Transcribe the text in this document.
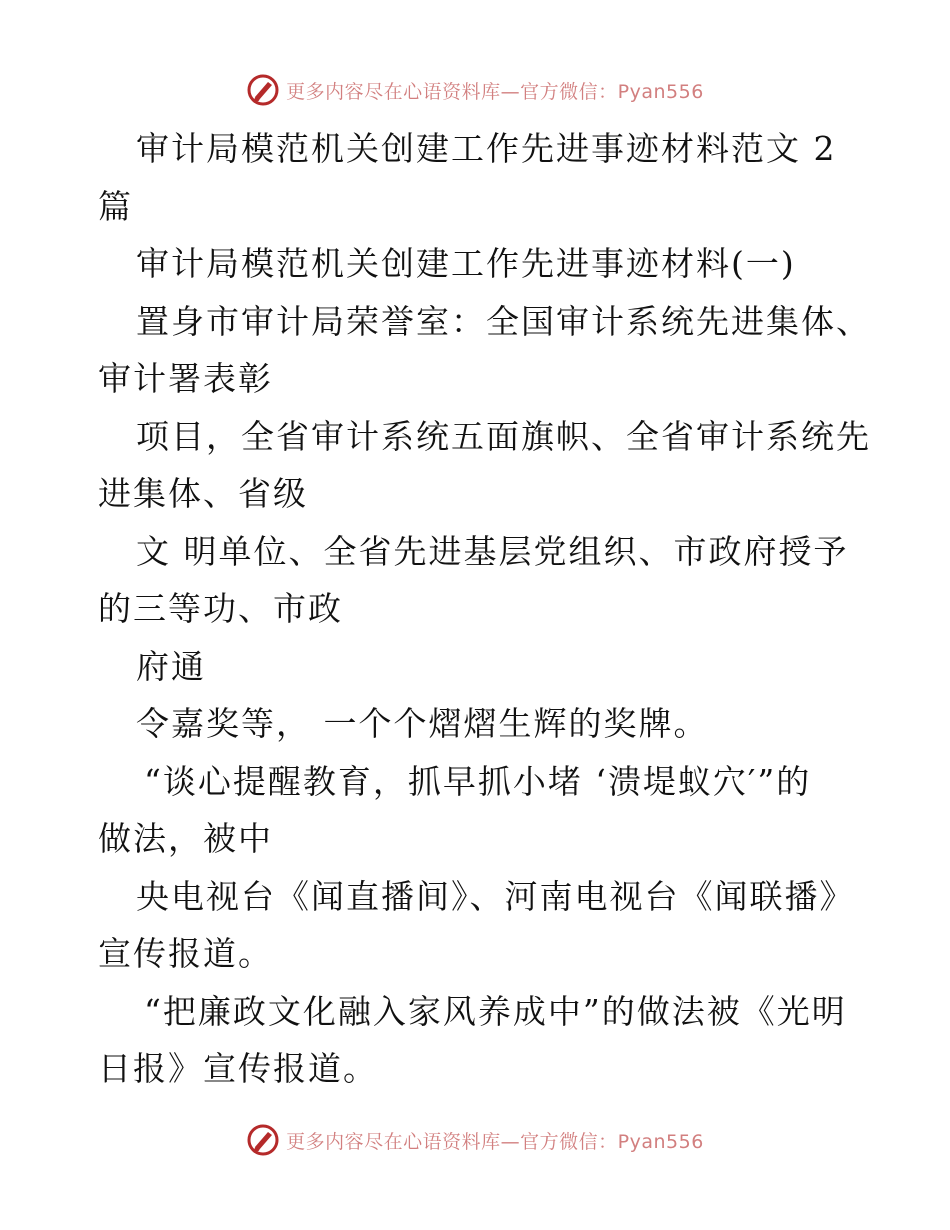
更多内容尽在心语资料库—官方微信：Pyan556

审计局模范机关创建工作先进事迹材料范文 2

篇

审计局模范机关创建工作先进事迹材料(一)

置身市审计局荣誉室：全国审计系统先进集体、

审计署表彰

项目，全省审计系统五面旗帜、全省审计系统先

进集体、省级

文 明单位、全省先进基层党组织、市政府授予

的三等功、市政

府通

令嘉奖等， 一个个熠熠生辉的奖牌。

“谈心提醒教育，抓早抓小堵 ‘溃堤蚁穴′”的

做法，被中

央电视台《闻直播间》、河南电视台《闻联播》

宣传报道。

“把廉政文化融入家风养成中”的做法被《光明

日报》宣传报道。

更多内容尽在心语资料库—官方微信：Pyan556
